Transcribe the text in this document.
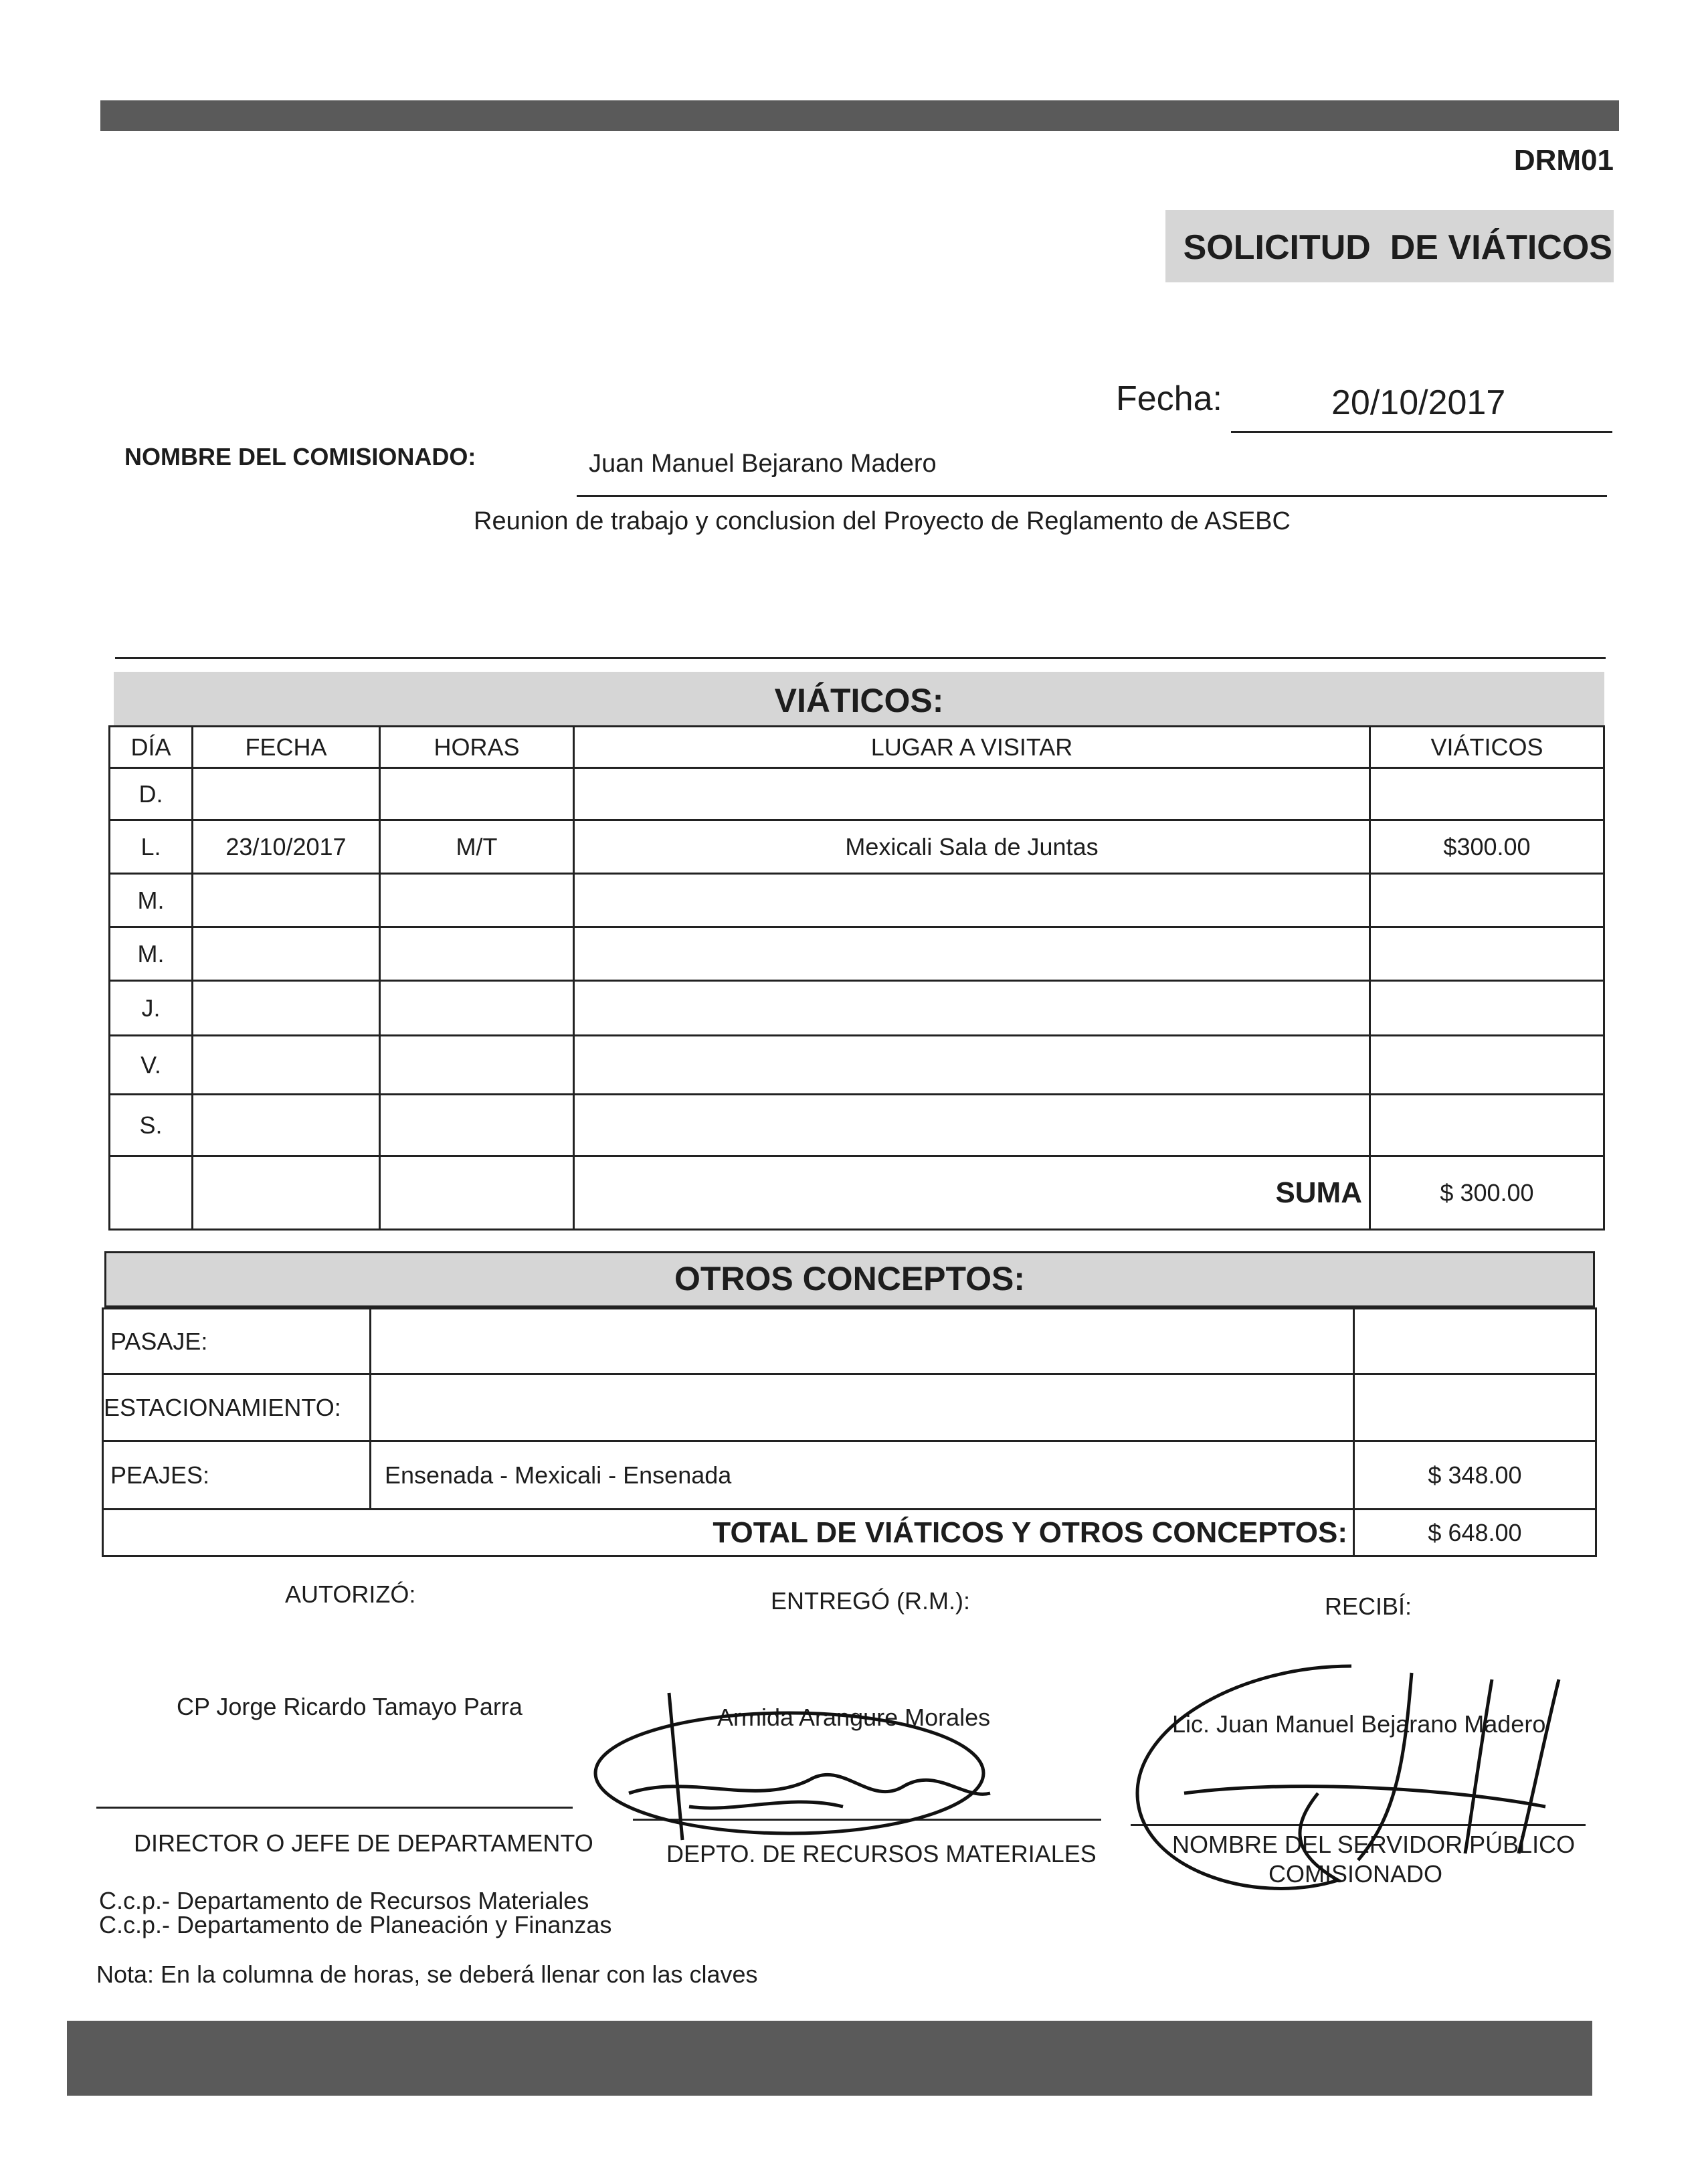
DRM01
SOLICITUD  DE VIÁTICOS
Fecha:	20/10/2017
NOMBRE DEL COMISIONADO:	Juan Manuel Bejarano Madero
Reunion de trabajo y conclusion del Proyecto de Reglamento de ASEBC
VIÁTICOS:
DÍA	FECHA	HORAS	LUGAR A VISITAR	VIÁTICOS
D.				
L.	23/10/2017	M/T	Mexicali Sala de Juntas	$300.00
M.				
M.				
J.				
V.				
S.				
			SUMA	$ 300.00
OTROS CONCEPTOS:
PASAJE:		
ESTACIONAMIENTO:		
PEAJES:	Ensenada - Mexicali - Ensenada	$ 348.00
TOTAL DE VIÁTICOS Y OTROS CONCEPTOS:		$ 648.00
AUTORIZÓ:	ENTREGÓ (R.M.):	RECIBÍ:
CP Jorge Ricardo Tamayo Parra	Armida Arangure Morales	Lic. Juan Manuel Bejarano Madero
DIRECTOR O JEFE DE DEPARTAMENTO	DEPTO. DE RECURSOS MATERIALES	NOMBRE DEL SERVIDOR PÚBLICO
COMISIONADO
C.c.p.- Departamento de Recursos Materiales
C.c.p.- Departamento de Planeación y Finanzas
Nota: En la columna de horas, se deberá llenar con las claves
